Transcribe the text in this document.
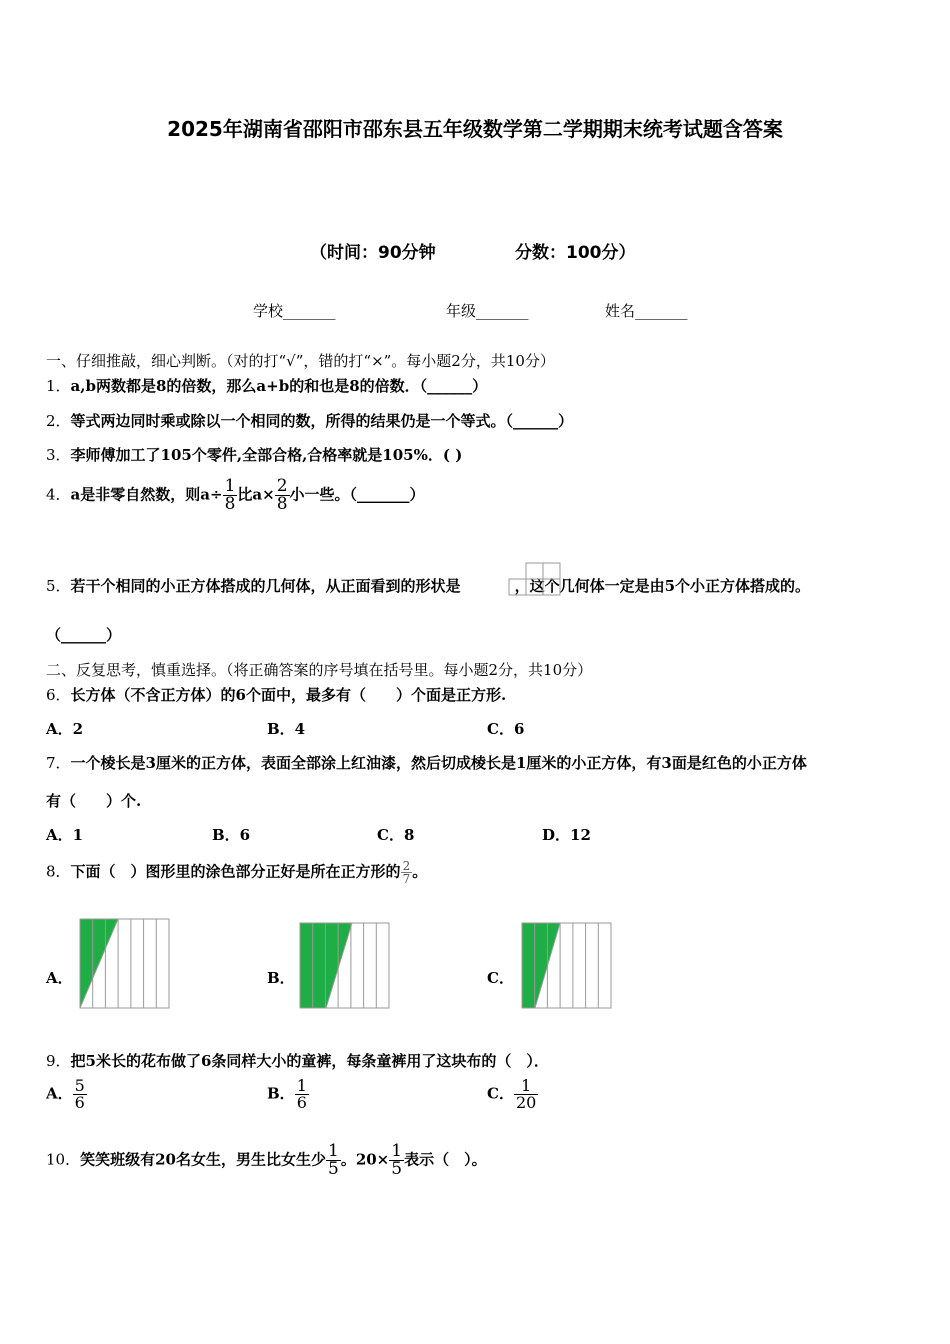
2025年湖南省邵阳市邵东县五年级数学第二学期期末统考试题含答案
（时间：90分钟	分数：100分）
学校_______	年级_______	姓名_______
一、仔细推敲，细心判断。（对的打“√”，错的打“×”。每小题2分，共10分）
1．a,b两数都是8的倍数，那么a+b的和也是8的倍数．（______）
2．等式两边同时乘或除以一个相同的数，所得的结果仍是一个等式。（______）
3．李师傅加工了105个零件,全部合格,合格率就是105%．( )
4．a是非零自然数，则$a\div \frac{1}{8}$ 比$a\times \frac{2}{8}$ 小一些。（_______）
5．若干个相同的小正方体搭成的几何体，从正面看到的形状是	，这个几何体一定是由5个小正方体搭成的。
（______）
二、反复思考，慎重选择。（将正确答案的序号填在括号里。每小题2分，共10分）
6．长方体（不含正方体）的6个面中，最多有（　　）个面是正方形.
A．2	B．4	C．6
7．一个棱长是3厘米的正方体，表面全部涂上红油漆，然后切成棱长是1厘米的小正方体，有3面是红色的小正方体
有（　　）个.
A．1	B．6	C．8	D．12
8．下面（　）图形里的涂色部分正好是所在正方形的 $\frac{2}{7}$ 。
A．	B．	C．
9．把5米长的花布做了6条同样大小的童裤，每条童裤用了这块布的（　）．
A． $\frac{5}{6}$	B． $\frac{1}{6}$	C． $\frac{1}{20}$
10．笑笑班级有20名女生，男生比女生少 $\frac{1}{5}$ 。$20\times \frac{1}{5}$ 表示（　）。
